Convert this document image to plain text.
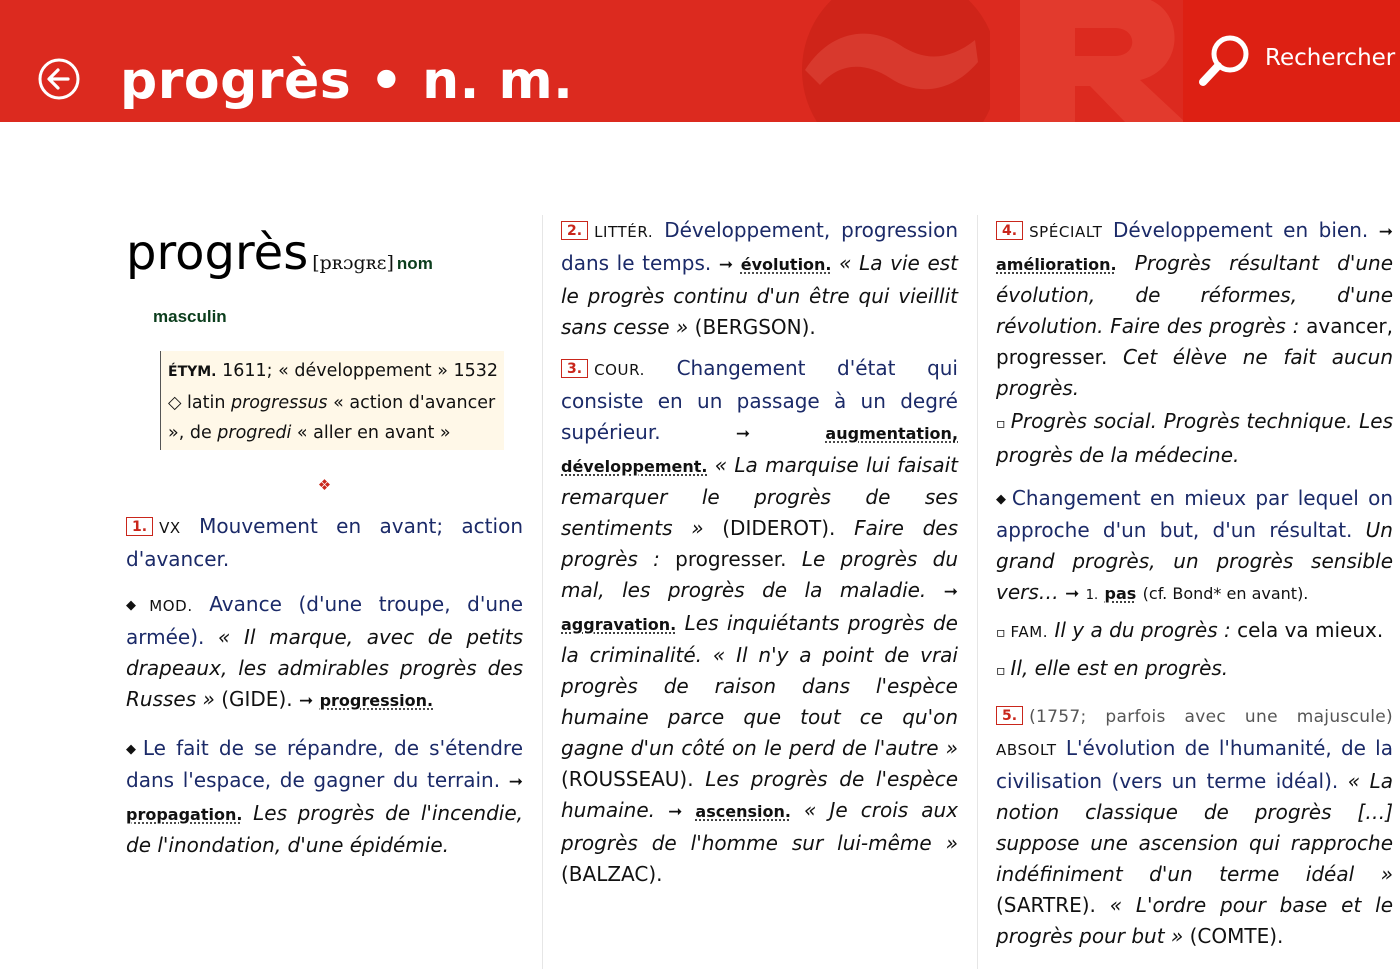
progrès • n. m.	Rechercher
progrès [pʀɔgʀɛ] nom
masculin
ÉTYM. 1611; « développement » 1532 ◇ latin progressus « action d'avancer », de progredi « aller en avant »
❖

1. VX Mouvement en avant; action d'avancer.

◆ MOD. Avance (d'une troupe, d'une armée). « Il marque, avec de petits drapeaux, les admirables progrès des Russes » (GIDE). ➞ progression.

◆ Le fait de se répandre, de s'étendre dans l'espace, de gagner du terrain. ➞ propagation. Les progrès de l'incendie, de l'inondation, d'une épidémie.

2. LITTÉR. Développement, progression dans le temps. ➞ évolution. « La vie est le progrès continu d'un être qui vieillit sans cesse » (BERGSON).

3. COUR. Changement d'état qui consiste en un passage à un degré supérieur.	➞	augmentation, développement. « La marquise lui faisait remarquer le progrès de ses sentiments » (DIDEROT). Faire des progrès : progresser. Le progrès du mal, les progrès de la maladie. ➞ aggravation. Les inquiétants progrès de la criminalité. « Il n'y a point de vrai progrès de raison dans l'espèce humaine parce que tout ce qu'on gagne d'un côté on le perd de l'autre » (ROUSSEAU). Les progrès de l'espèce humaine. ➞ ascension. « Je crois aux progrès de l'homme sur lui-même » (BALZAC).

4. SPÉCIALT Développement en bien. ➞ amélioration. Progrès résultant d'une évolution, de réformes, d'une révolution. Faire des progrès : avancer, progresser. Cet élève ne fait aucun progrès.

▫ Progrès social. Progrès technique. Les progrès de la médecine.

◆ Changement en mieux par lequel on approche d'un but, d'un résultat. Un grand progrès, un progrès sensible vers… ➞ 1. pas (cf. Bond* en avant).

▫ FAM. Il y a du progrès : cela va mieux.

▫ Il, elle est en progrès.

5. (1757; parfois avec une majuscule) ABSOLT L'évolution de l'humanité, de la civilisation (vers un terme idéal). « La notion classique de progrès […] suppose une ascension qui rapproche indéfiniment d'un terme idéal » (SARTRE). « L'ordre pour base et le progrès pour but » (COMTE).
